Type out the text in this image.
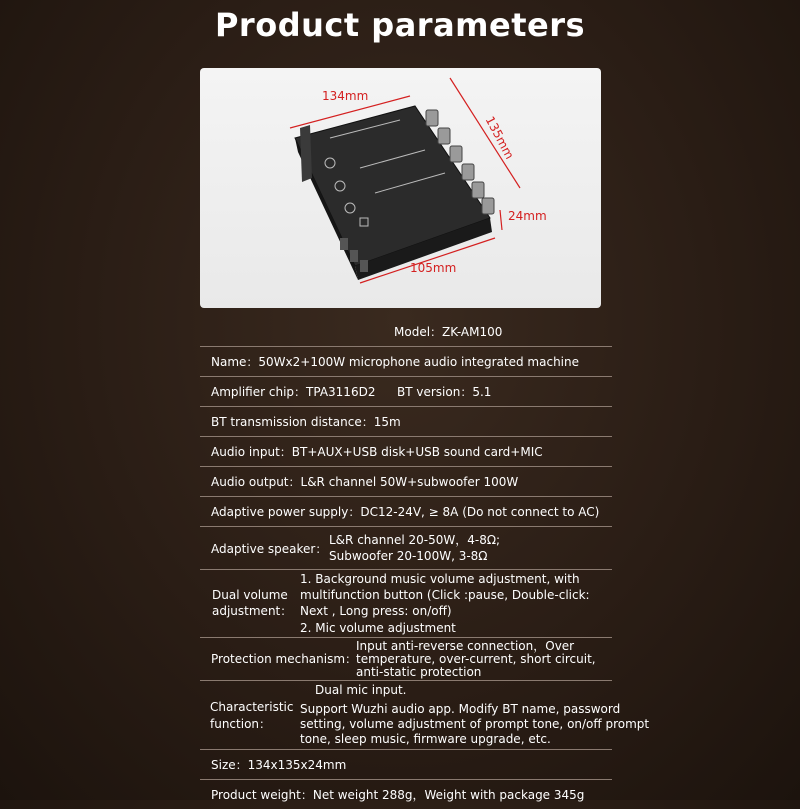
Product parameters
134mm
135mm
24mm
105mm
Model：ZK-AM100
Name：50Wx2+100W microphone audio integrated machine
Amplifier chip：TPA3116D2 BT version：5.1
BT transmission distance：15m
Audio input：BT+AUX+USB disk+USB sound card+MIC
Audio output：L&R channel 50W+subwoofer 100W
Adaptive power supply：DC12-24V, ≥ 8A (Do not connect to AC)
Adaptive speaker：
L&R channel 20-50W，4-8Ω;
Subwoofer 20-100W, 3-8Ω
Dual volume
adjustment：
1. Background music volume adjustment, with
multifunction button (Click :pause, Double-click:
Next , Long press: on/off)
2. Mic volume adjustment
Protection mechanism：
Input anti-reverse connection，Over
temperature, over-current, short circuit,
anti-static protection
Characteristic
function：
Dual mic input.
Support Wuzhi audio app. Modify BT name, password
setting, volume adjustment of prompt tone, on/off prompt
tone, sleep music, firmware upgrade, etc.
Size：134x135x24mm
Product weight：Net weight 288g，Weight with package 345g
